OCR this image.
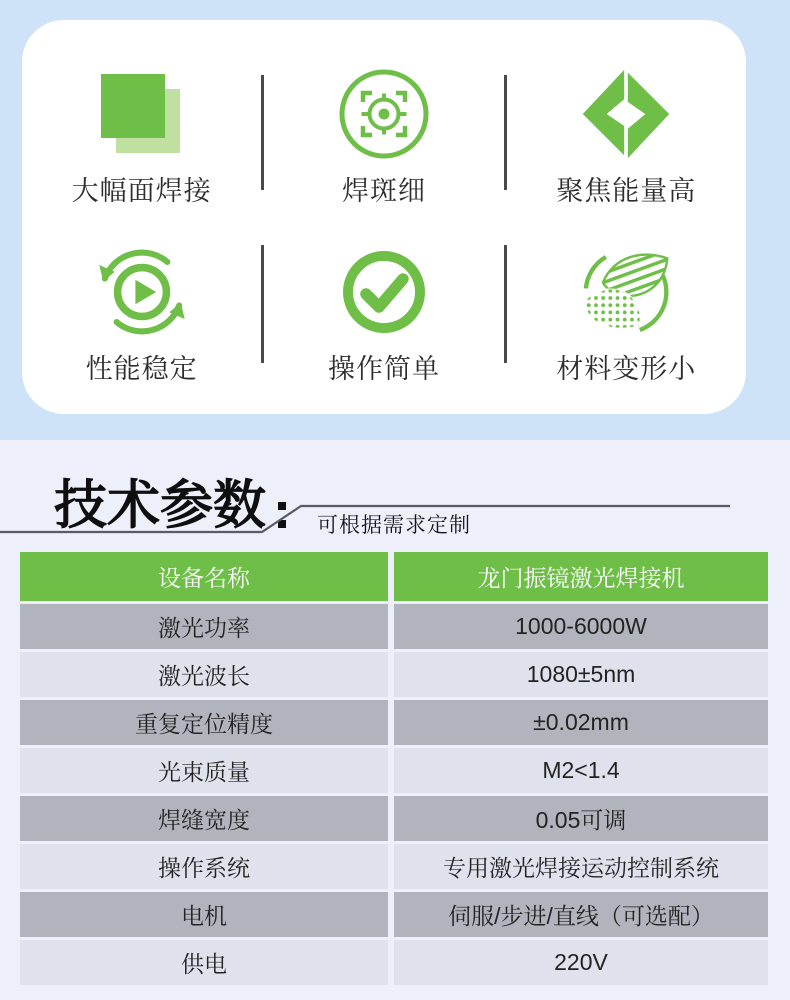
大幅面焊接	焊斑细	聚焦能量高
性能稳定	操作简单	材料变形小
技术参数 可根据需求定制
设备名称	龙门振镜激光焊接机
激光功率	1000-6000W
激光波长	1080±5nm
重复定位精度	±0.02mm
光束质量	M2<1.4
焊缝宽度	0.05可调
操作系统	专用激光焊接运动控制系统
电机	伺服/步进/直线（可选配）
供电	220V
